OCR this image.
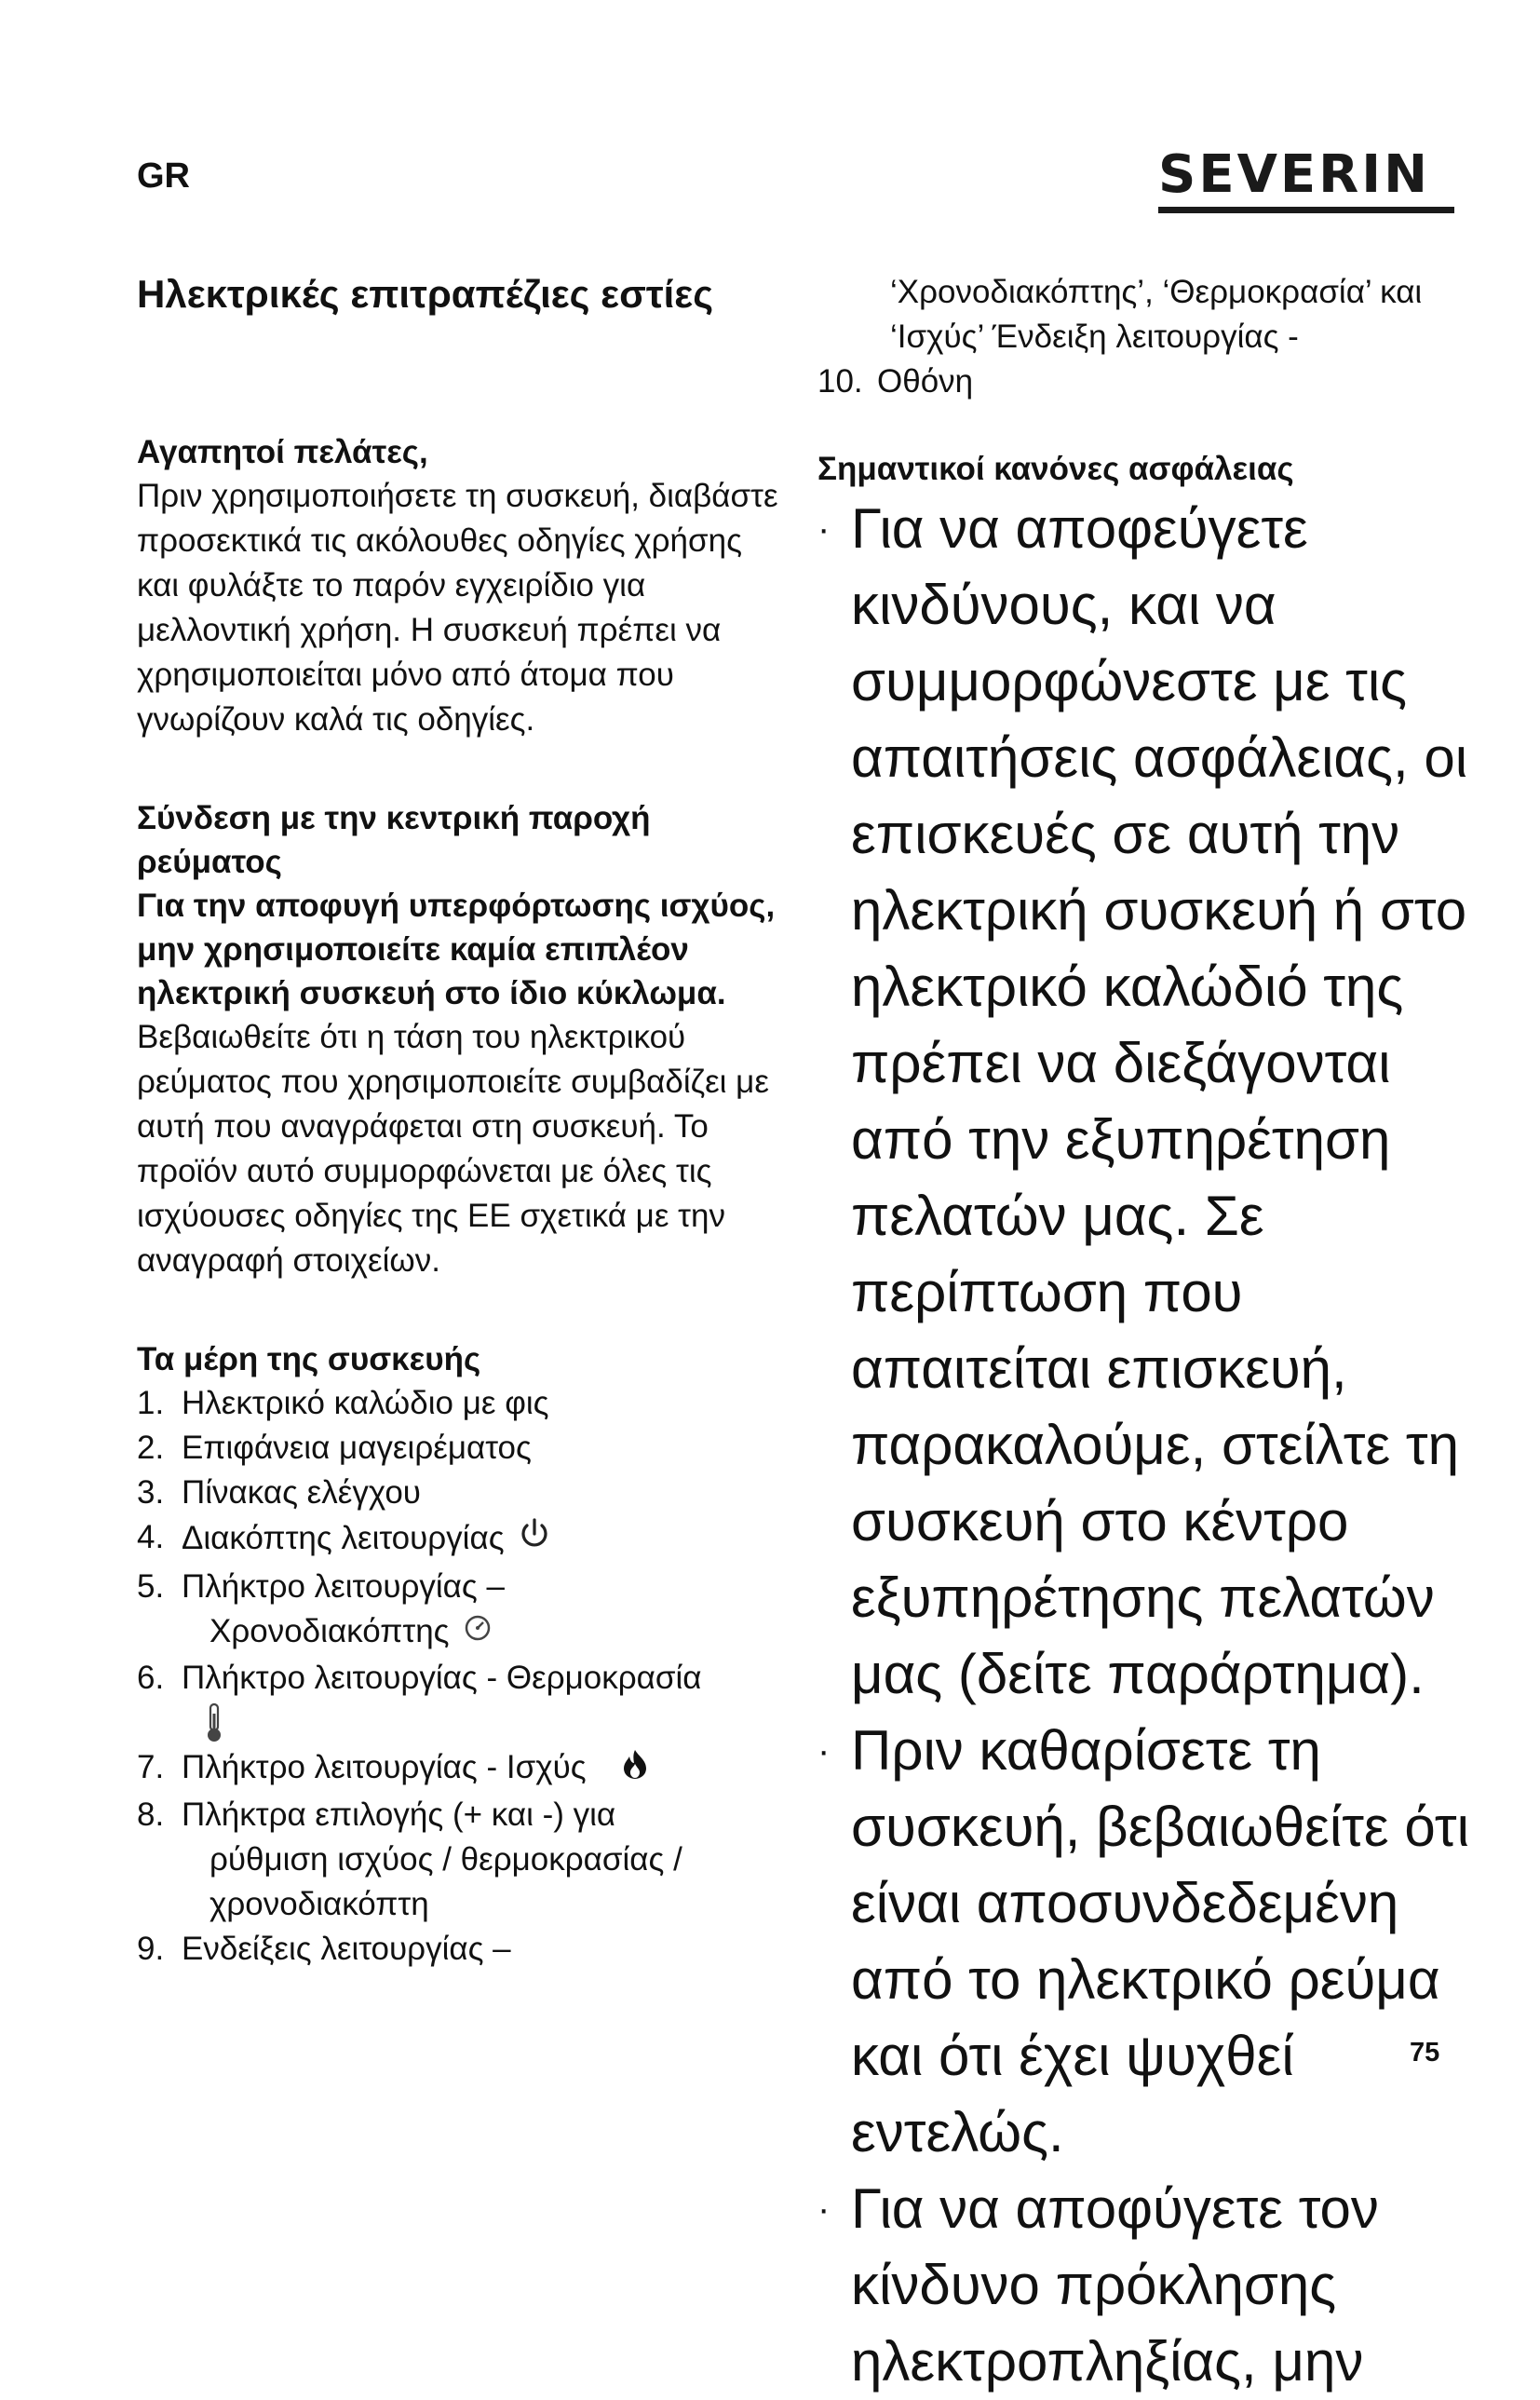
GR	SEVERIN
Ηλεκτρικές επιτραπέζιες εστίες
Αγαπητοί πελάτες,
Πριν χρησιμοποιήσετε τη συσκευή, διαβάστε προσεκτικά τις ακόλουθες οδηγίες χρήσης και φυλάξτε το παρόν εγχειρίδιο για μελλοντική χρήση. Η συσκευή πρέπει να χρησιμοποιείται μόνο από άτομα που γνωρίζουν καλά τις οδηγίες.
Σύνδεση με την κεντρική παροχή ρεύματος
Για την αποφυγή υπερφόρτωσης ισχύος, μην χρησιμοποιείτε καμία επιπλέον ηλεκτρική συσκευή στο ίδιο κύκλωμα.
Βεβαιωθείτε ότι η τάση του ηλεκτρικού ρεύματος που χρησιμοποιείτε συμβαδίζει με αυτή που αναγράφεται στη συσκευή. Το προϊόν αυτό συμμορφώνεται με όλες τις ισχύουσες οδηγίες της ΕΕ σχετικά με την αναγραφή στοιχείων.
Τα μέρη της συσκευής
1. Ηλεκτρικό καλώδιο με φις
2. Επιφάνεια μαγειρέματος
3. Πίνακας ελέγχου
4. Διακόπτης λειτουργίας
5. Πλήκτρο λειτουργίας –
Χρονοδιακόπτης
6. Πλήκτρο λειτουργίας - Θερμοκρασία
7. Πλήκτρο λειτουργίας - Ισχύς
8. Πλήκτρα επιλογής (+ και -) για
ρύθμιση ισχύος / θερμοκρασίας / χρονοδιακόπτη
9. Ενδείξεις λειτουργίας –
‘Χρονοδιακόπτης’, ‘Θερμοκρασία’ και ‘Ισχύς’ Ένδειξη λειτουργίας -
10. Οθόνη
Σημαντικοί κανόνες ασφάλειας
· Για να αποφεύγετε κινδύνους, και να συμμορφώνεστε με τις απαιτήσεις ασφάλειας, οι επισκευές σε αυτή την ηλεκτρική συσκευή ή στο ηλεκτρικό καλώδιό της πρέπει να διεξάγονται από την εξυπηρέτηση πελατών μας. Σε περίπτωση που απαιτείται επισκευή, παρακαλούμε, στείλτε τη συσκευή στο κέντρο εξυπηρέτησης πελατών μας (δείτε παράρτημα).
· Πριν καθαρίσετε τη συσκευή, βεβαιωθείτε ότι είναι αποσυνδεδεμένη από το ηλεκτρικό ρεύμα και ότι έχει ψυχθεί εντελώς.
· Για να αποφύγετε τον κίνδυνο πρόκλησης ηλεκτροπληξίας, μην
75
